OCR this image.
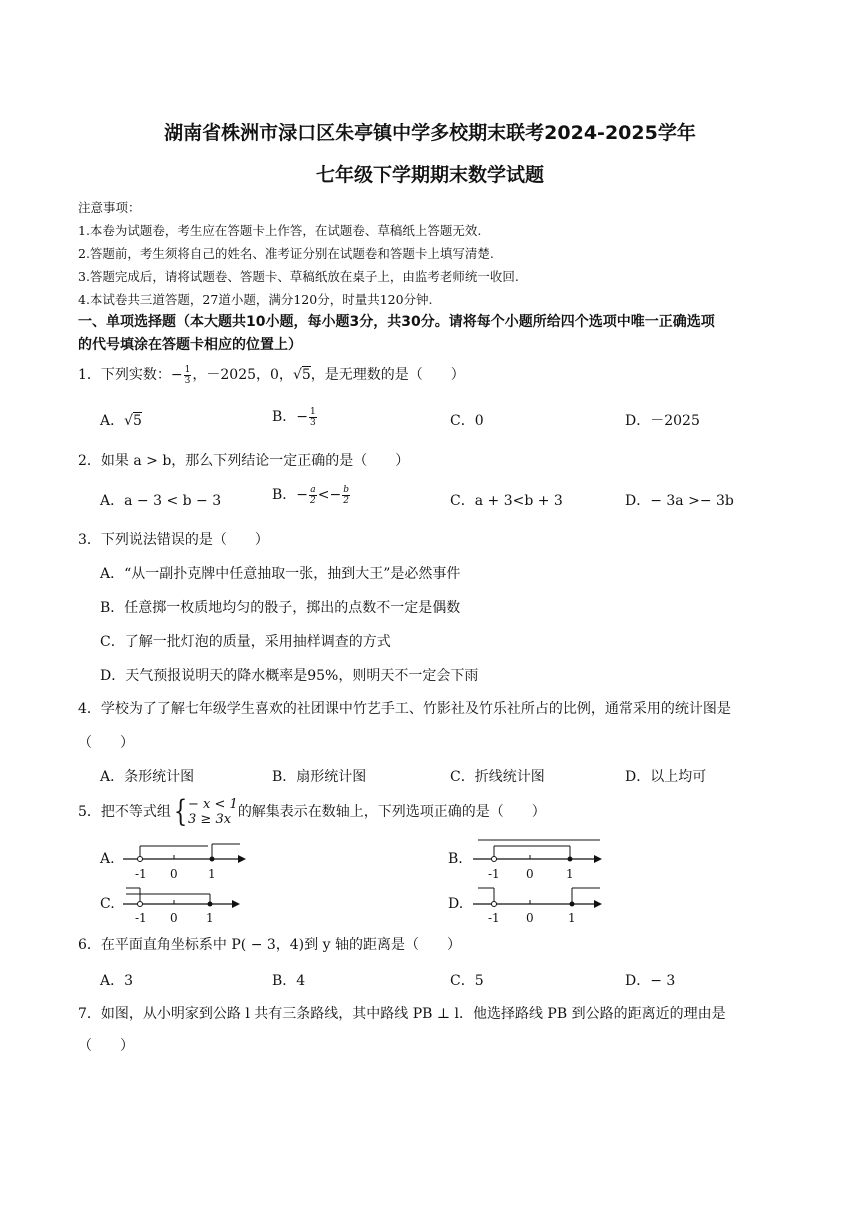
湖南省株洲市渌口区朱亭镇中学多校期末联考2024-2025学年
七年级下学期期末数学试题
注意事项：
1.本卷为试题卷，考生应在答题卡上作答，在试题卷、草稿纸上答题无效.
2.答题前，考生须将自己的姓名、准考证分别在试题卷和答题卡上填写清楚.
3.答题完成后，请将试题卷、答题卡、草稿纸放在桌子上，由监考老师统一收回.
4.本试卷共三道答题，27道小题，满分120分，时量共120分钟.
一、单项选择题（本大题共10小题，每小题3分，共30分。请将每个小题所给四个选项中唯一正确选项
的代号填涂在答题卡相应的位置上）
1．下列实数：− $\frac{1}{3}$ ，－2025，0，√5，是无理数的是（　　）
A．√5	B．− $\frac{1}{3}$	C．0	D．－2025
2．如果 a > b，那么下列结论一定正确的是（　　）
A．a − 3 < b − 3	B．− $\frac{a}{2} <- \frac{b}{2}$	C．a + 3<b + 3	D．− 3a >− 3b
3．下列说法错误的是（　　）
A．“从一副扑克牌中任意抽取一张，抽到大王”是必然事件
B．任意掷一枚质地均匀的骰子，掷出的点数不一定是偶数
C．了解一批灯泡的质量，采用抽样调查的方式
D．天气预报说明天的降水概率是95%，则明天不一定会下雨
4．学校为了了解七年级学生喜欢的社团课中竹艺手工、竹影社及竹乐社所占的比例，通常采用的统计图是
（　　）
A．条形统计图	B．扇形统计图	C．折线统计图	D．以上均可
5．把不等式组{ − x < 1
3 ≥ 3x 的解集表示在数轴上，下列选项正确的是（　　）
A.
-1 0	1
B.
-1 0	1
C.
-1 0 1
D.
-1 0	1
6．在平面直角坐标系中 P( − 3，4)到 y 轴的距离是（　　）
A．3	B．4	C．5	D．− 3
7．如图，从小明家到公路 l 共有三条路线，其中路线 PB ⊥ l．他选择路线 PB 到公路的距离近的理由是
（　　）
